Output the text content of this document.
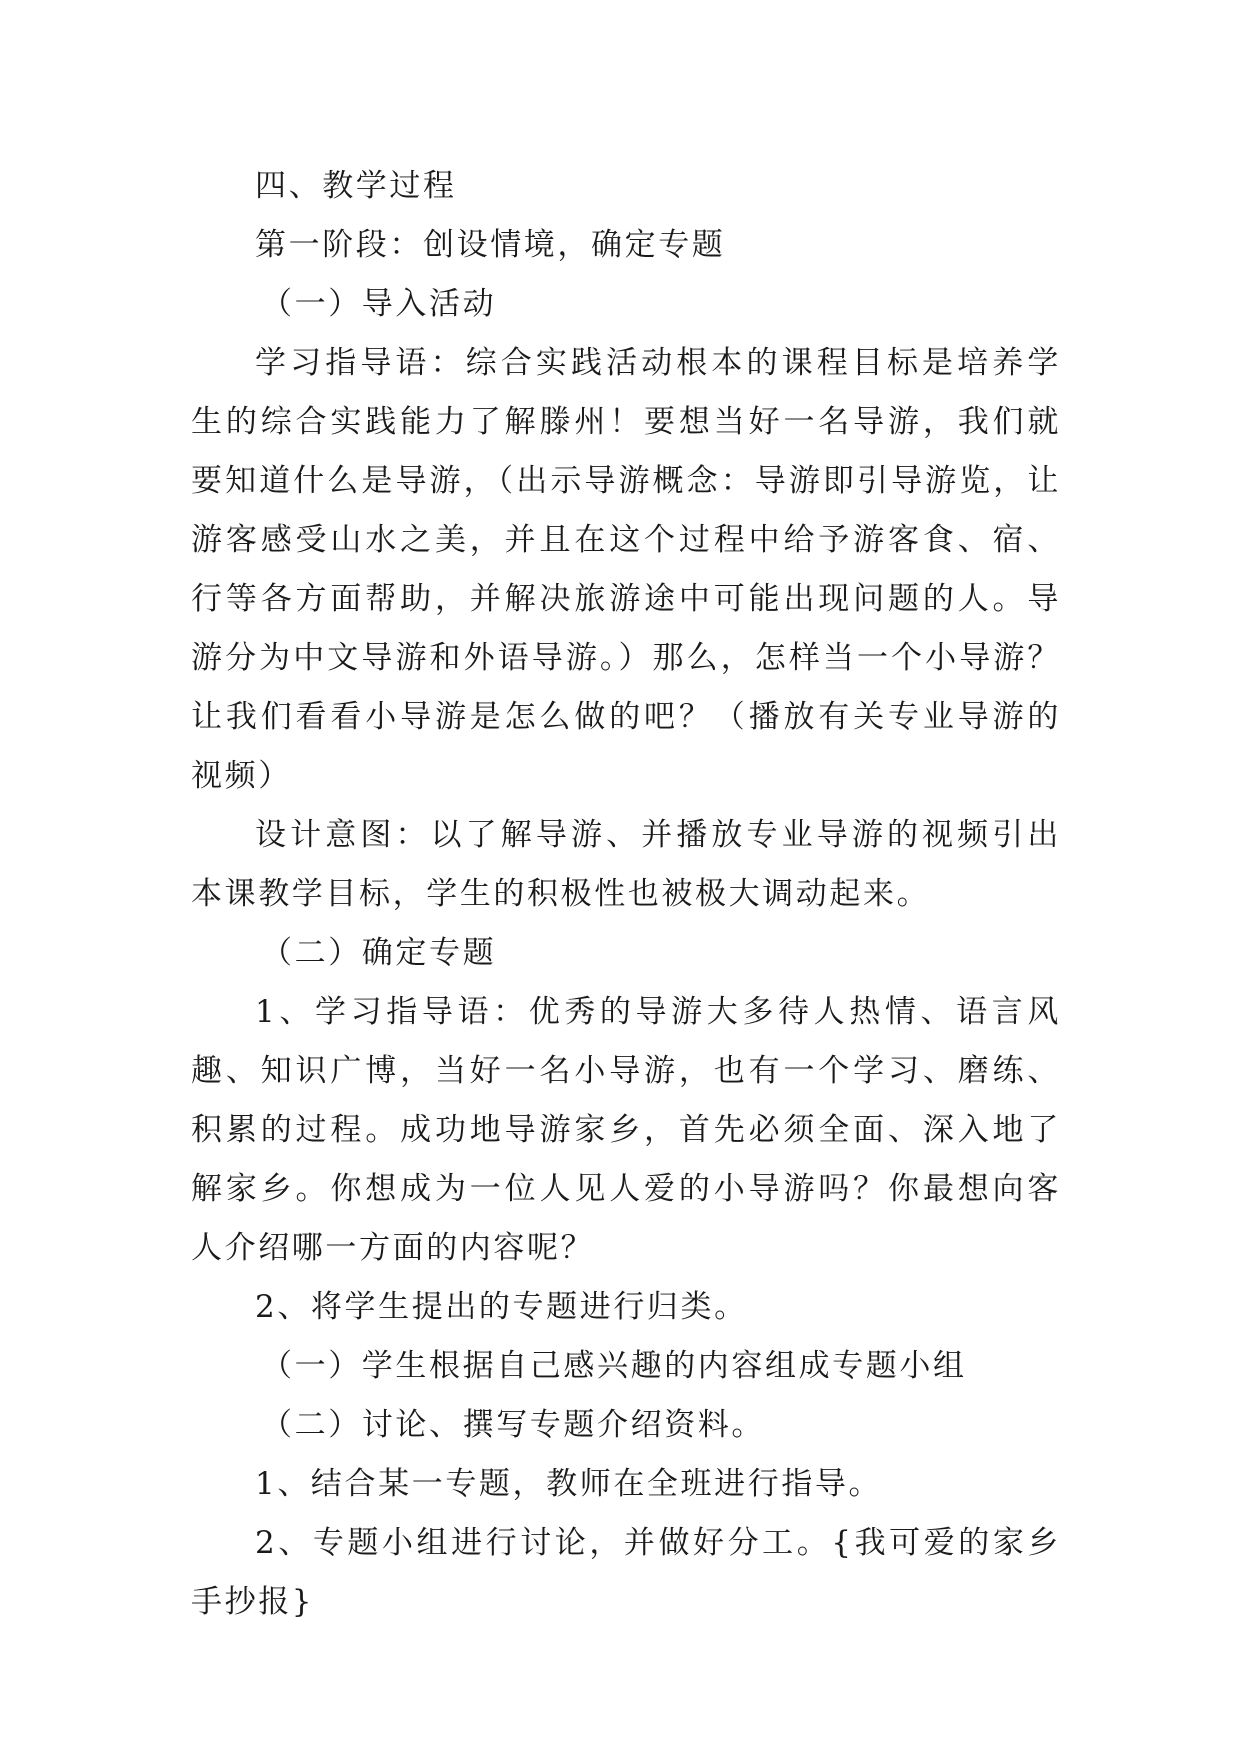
四、教学过程

第一阶段：创设情境，确定专题

（一）导入活动

学习指导语：综合实践活动根本的课程目标是培养学生的综合实践能力了解滕州！要想当好一名导游，我们就要知道什么是导游，（出示导游概念：导游即引导游览，让游客感受山水之美，并且在这个过程中给予游客食、宿、行等各方面帮助，并解决旅游途中可能出现问题的人。导游分为中文导游和外语导游。）那么，怎样当一个小导游？让我们看看小导游是怎么做的吧？（播放有关专业导游的视频）

设计意图：以了解导游、并播放专业导游的视频引出本课教学目标，学生的积极性也被极大调动起来。

（二）确定专题

1、学习指导语：优秀的导游大多待人热情、语言风趣、知识广博，当好一名小导游，也有一个学习、磨练、积累的过程。成功地导游家乡，首先必须全面、深入地了解家乡。你想成为一位人见人爱的小导游吗？你最想向客人介绍哪一方面的内容呢？

2、将学生提出的专题进行归类。

（一）学生根据自己感兴趣的内容组成专题小组

（二）讨论、撰写专题介绍资料。

1、结合某一专题，教师在全班进行指导。

2、专题小组进行讨论，并做好分工。{我可爱的家乡手抄报}
